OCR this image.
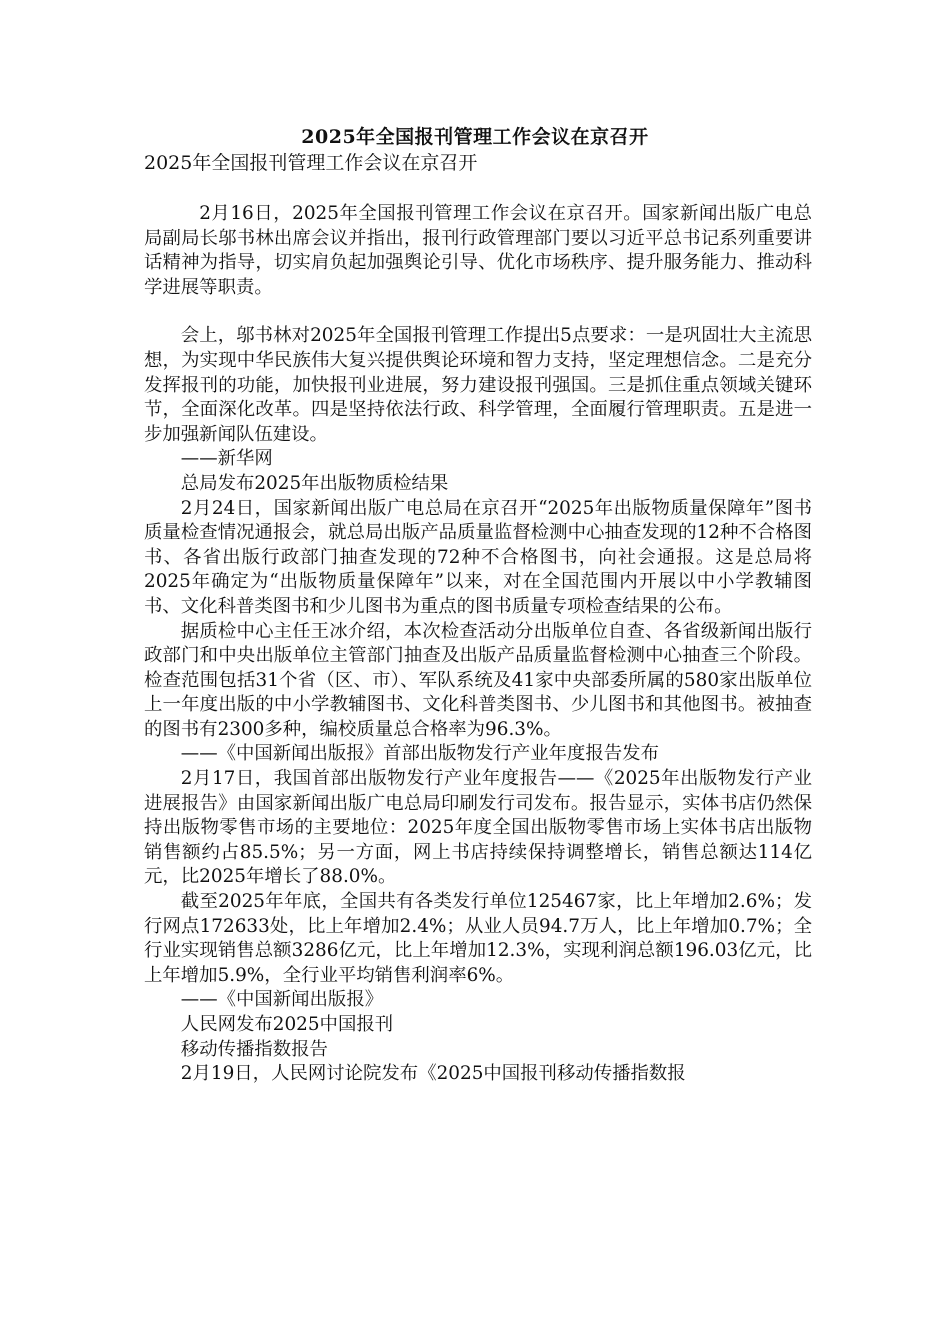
2025年全国报刊管理工作会议在京召开
2025年全国报刊管理工作会议在京召开

2月16日，2025年全国报刊管理工作会议在京召开。国家新闻出版广电总局副局长邬书林出席会议并指出，报刊行政管理部门要以习近平总书记系列重要讲话精神为指导，切实肩负起加强舆论引导、优化市场秩序、提升服务能力、推动科学进展等职责。

会上，邬书林对2025年全国报刊管理工作提出5点要求：一是巩固壮大主流思想，为实现中华民族伟大复兴提供舆论环境和智力支持，坚定理想信念。二是充分发挥报刊的功能，加快报刊业进展，努力建设报刊强国。三是抓住重点领域关键环节，全面深化改革。四是坚持依法行政、科学管理，全面履行管理职责。五是进一步加强新闻队伍建设。

——新华网

总局发布2025年出版物质检结果

2月24日，国家新闻出版广电总局在京召开“2025年出版物质量保障年”图书质量检查情况通报会，就总局出版产品质量监督检测中心抽查发现的12种不合格图书、各省出版行政部门抽查发现的72种不合格图书，向社会通报。这是总局将2025年确定为“出版物质量保障年”以来，对在全国范围内开展以中小学教辅图书、文化科普类图书和少儿图书为重点的图书质量专项检查结果的公布。

据质检中心主任王冰介绍，本次检查活动分出版单位自查、各省级新闻出版行政部门和中央出版单位主管部门抽查及出版产品质量监督检测中心抽查三个阶段。检查范围包括31个省（区、市）、军队系统及41家中央部委所属的580家出版单位上一年度出版的中小学教辅图书、文化科普类图书、少儿图书和其他图书。被抽查的图书有2300多种，编校质量总合格率为96.3%。

——《中国新闻出版报》首部出版物发行产业年度报告发布

2月17日，我国首部出版物发行产业年度报告——《2025年出版物发行产业进展报告》由国家新闻出版广电总局印刷发行司发布。报告显示，实体书店仍然保持出版物零售市场的主要地位：2025年度全国出版物零售市场上实体书店出版物销售额约占85.5%；另一方面，网上书店持续保持调整增长，销售总额达114亿元，比2025年增长了88.0%。

截至2025年年底，全国共有各类发行单位125467家，比上年增加2.6%；发行网点172633处，比上年增加2.4%；从业人员94.7万人，比上年增加0.7%；全行业实现销售总额3286亿元，比上年增加12.3%，实现利润总额196.03亿元，比上年增加5.9%，全行业平均销售利润率6%。

——《中国新闻出版报》

人民网发布2025中国报刊

移动传播指数报告

2月19日，人民网讨论院发布《2025中国报刊移动传播指数报
